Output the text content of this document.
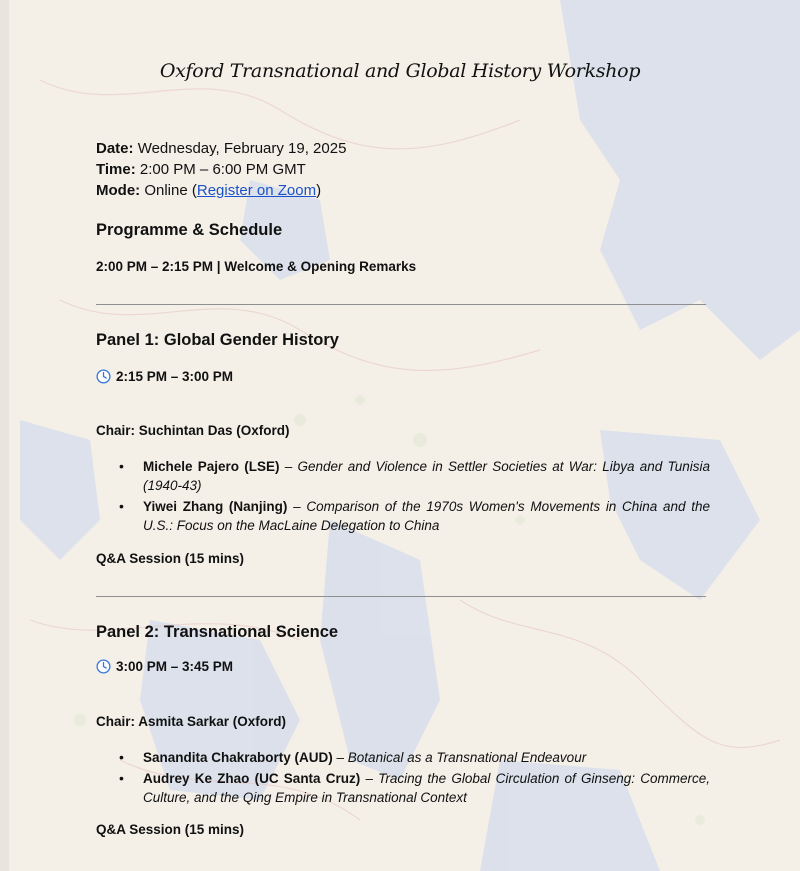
Oxford Transnational and Global History Workshop
Date: Wednesday, February 19, 2025
Time: 2:00 PM – 6:00 PM GMT
Mode: Online (Register on Zoom)
Programme & Schedule
2:00 PM – 2:15 PM | Welcome & Opening Remarks
Panel 1: Global Gender History
2:15 PM – 3:00 PM
Chair: Suchintan Das (Oxford)
• Michele Pajero (LSE) – Gender and Violence in Settler Societies at War: Libya and Tunisia (1940-43)
• Yiwei Zhang (Nanjing) – Comparison of the 1970s Women's Movements in China and the U.S.: Focus on the MacLaine Delegation to China
Q&A Session (15 mins)
Panel 2: Transnational Science
3:00 PM – 3:45 PM
Chair: Asmita Sarkar (Oxford)
• Sanandita Chakraborty (AUD) – Botanical as a Transnational Endeavour
• Audrey Ke Zhao (UC Santa Cruz) – Tracing the Global Circulation of Ginseng: Commerce, Culture, and the Qing Empire in Transnational Context
Q&A Session (15 mins)
